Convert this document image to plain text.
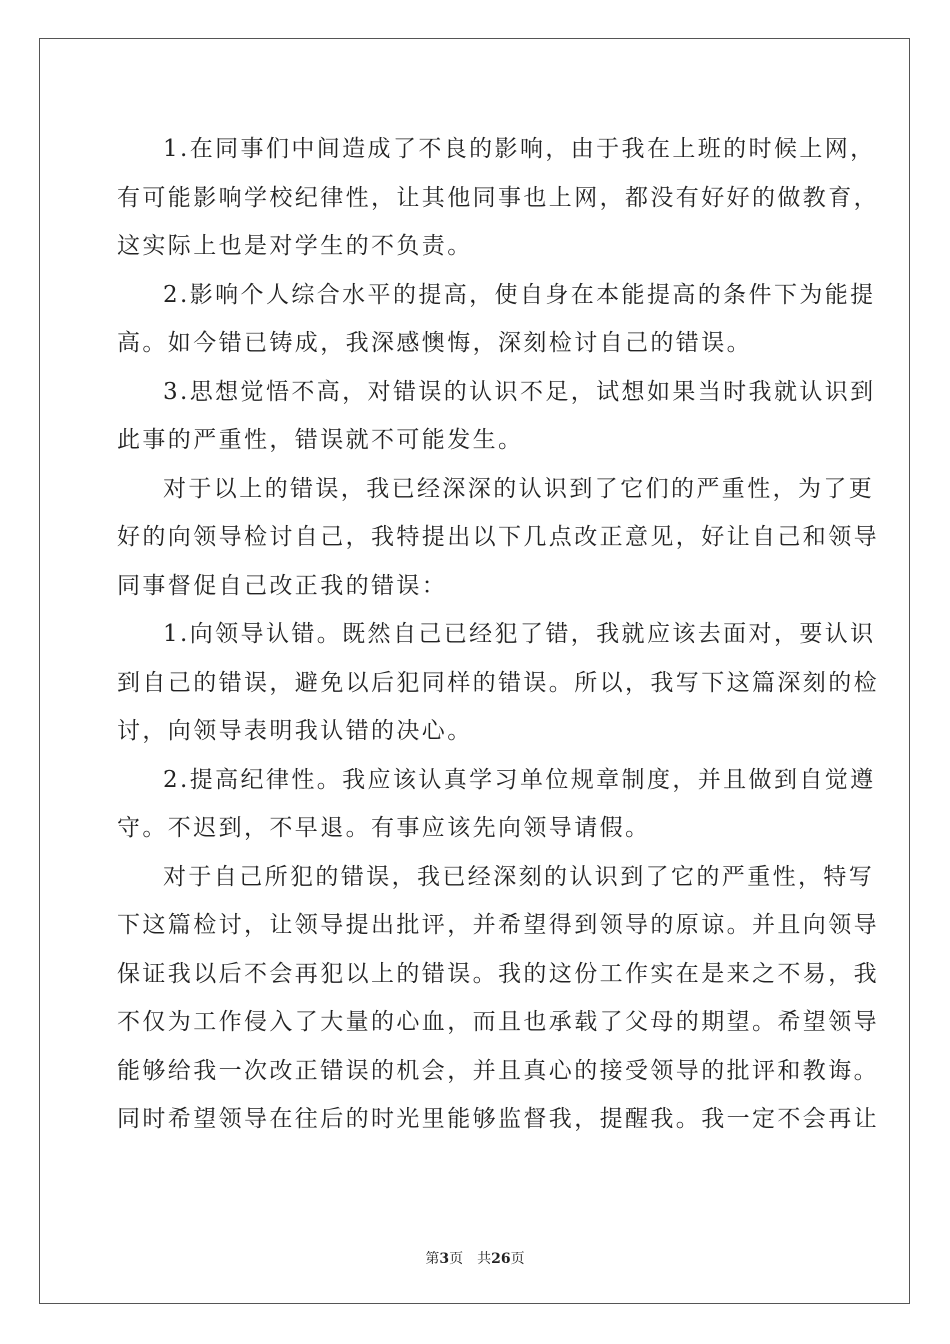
1.在同事们中间造成了不良的影响，由于我在上班的时候上网，
有可能影响学校纪律性，让其他同事也上网，都没有好好的做教育，
这实际上也是对学生的不负责。
2.影响个人综合水平的提高，使自身在本能提高的条件下为能提
高。如今错已铸成，我深感懊悔，深刻检讨自己的错误。
3.思想觉悟不高，对错误的认识不足，试想如果当时我就认识到
此事的严重性，错误就不可能发生。
对于以上的错误，我已经深深的认识到了它们的严重性，为了更
好的向领导检讨自己，我特提出以下几点改正意见，好让自己和领导
同事督促自己改正我的错误：
1.向领导认错。既然自己已经犯了错，我就应该去面对，要认识
到自己的错误，避免以后犯同样的错误。所以，我写下这篇深刻的检
讨，向领导表明我认错的决心。
2.提高纪律性。我应该认真学习单位规章制度，并且做到自觉遵
守。不迟到，不早退。有事应该先向领导请假。
对于自己所犯的错误，我已经深刻的认识到了它的严重性，特写
下这篇检讨，让领导提出批评，并希望得到领导的原谅。并且向领导
保证我以后不会再犯以上的错误。我的这份工作实在是来之不易，我
不仅为工作侵入了大量的心血，而且也承载了父母的期望。希望领导
能够给我一次改正错误的机会，并且真心的接受领导的批评和教诲。
同时希望领导在往后的时光里能够监督我，提醒我。我一定不会再让
第3页 共26页
